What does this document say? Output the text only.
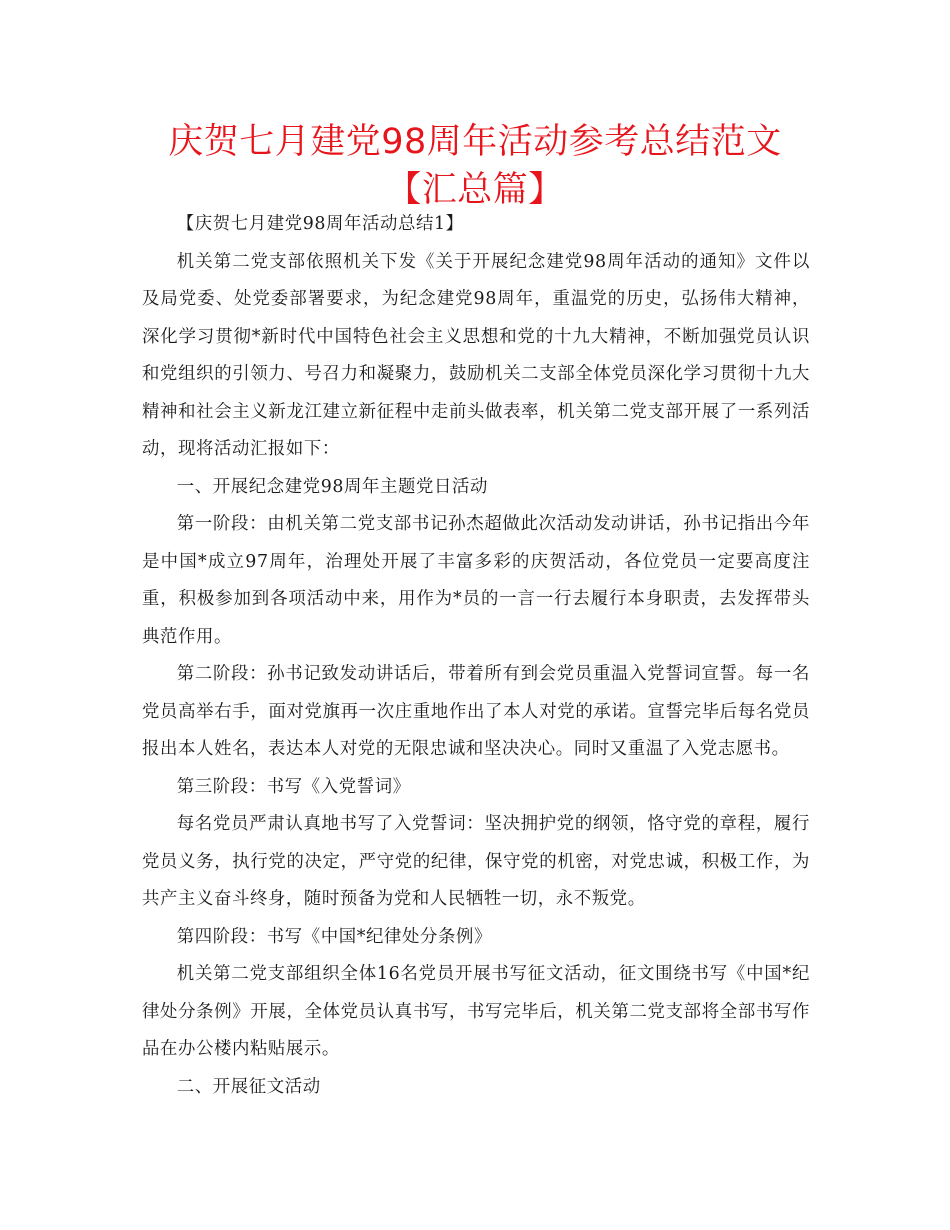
庆贺七月建党98周年活动参考总结范文【汇总篇】

【庆贺七月建党98周年活动总结1】

机关第二党支部依照机关下发《关于开展纪念建党98周年活动的通知》文件以及局党委、处党委部署要求，为纪念建党98周年，重温党的历史，弘扬伟大精神，深化学习贯彻*新时代中国特色社会主义思想和党的十九大精神，不断加强党员认识和党组织的引领力、号召力和凝聚力，鼓励机关二支部全体党员深化学习贯彻十九大精神和社会主义新龙江建立新征程中走前头做表率，机关第二党支部开展了一系列活动，现将活动汇报如下：

一、开展纪念建党98周年主题党日活动

第一阶段：由机关第二党支部书记孙杰超做此次活动发动讲话，孙书记指出今年是中国*成立97周年，治理处开展了丰富多彩的庆贺活动，各位党员一定要高度注重，积极参加到各项活动中来，用作为*员的一言一行去履行本身职责，去发挥带头典范作用。

第二阶段：孙书记致发动讲话后，带着所有到会党员重温入党誓词宣誓。每一名党员高举右手，面对党旗再一次庄重地作出了本人对党的承诺。宣誓完毕后每名党员报出本人姓名，表达本人对党的无限忠诚和坚决决心。同时又重温了入党志愿书。

第三阶段：书写《入党誓词》

每名党员严肃认真地书写了入党誓词：坚决拥护党的纲领，恪守党的章程，履行党员义务，执行党的决定，严守党的纪律，保守党的机密，对党忠诚，积极工作，为共产主义奋斗终身，随时预备为党和人民牺牲一切，永不叛党。

第四阶段：书写《中国*纪律处分条例》

机关第二党支部组织全体16名党员开展书写征文活动，征文围绕书写《中国*纪律处分条例》开展，全体党员认真书写，书写完毕后，机关第二党支部将全部书写作品在办公楼内粘贴展示。

二、开展征文活动
